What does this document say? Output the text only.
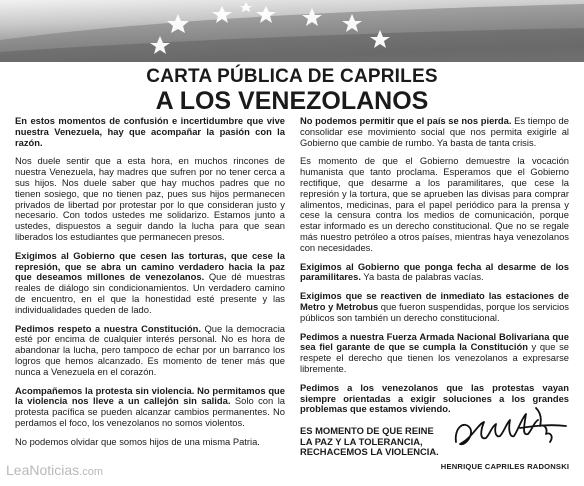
CARTA PÚBLICA DE CAPRILES
A LOS VENEZOLANOS

En estos momentos de confusión e incertidumbre que vive nuestra Venezuela, hay que acompañar la pasión con la razón.

Nos duele sentir que a esta hora, en muchos rincones de nuestra Venezuela, hay madres que sufren por no tener cerca a sus hijos. Nos duele saber que hay muchos padres que no tienen sosiego, que no tienen paz, pues sus hijos permanecen privados de libertad por protestar por lo que consideran justo y necesario. Con todos ustedes me solidarizo. Estamos junto a ustedes, dispuestos a seguir dando la lucha para que sean liberados los estudiantes que permanecen presos.

Exigimos al Gobierno que cesen las torturas, que cese la represión, que se abra un camino verdadero hacia la paz que deseamos millones de venezolanos. Que dé muestras reales de diálogo sin condicionamientos. Un verdadero camino de encuentro, en el que la honestidad esté presente y las individualidades queden de lado.

Pedimos respeto a nuestra Constitución. Que la democracia esté por encima de cualquier interés personal. No es hora de abandonar la lucha, pero tampoco de echar por un barranco los logros que hemos alcanzado. Es momento de tener más que nunca a Venezuela en el corazón.

Acompañemos la protesta sin violencia. No permitamos que la violencia nos lleve a un callejón sin salida. Solo con la protesta pacífica se pueden alcanzar cambios permanentes. No perdamos el foco, los venezolanos no somos violentos.

No podemos olvidar que somos hijos de una misma Patria.

No podemos permitir que el país se nos pierda. Es tiempo de consolidar ese movimiento social que nos permita exigirle al Gobierno que cambie de rumbo. Ya basta de tanta crisis.

Es momento de que el Gobierno demuestre la vocación humanista que tanto proclama. Esperamos que el Gobierno rectifique, que desarme a los paramilitares, que cese la represión y la tortura, que se aprueben las divisas para comprar alimentos, medicinas, para el papel periódico para la prensa y cese la censura contra los medios de comunicación, porque estar informado es un derecho constitucional. Que no se regale más nuestro petróleo a otros países, mientras haya venezolanos con necesidades.

Exigimos al Gobierno que ponga fecha al desarme de los paramilitares. Ya basta de palabras vacías.

Exigimos que se reactiven de inmediato las estaciones de Metro y Metrobus que fueron suspendidas, porque los servicios públicos son también un derecho constitucional.

Pedimos a nuestra Fuerza Armada Nacional Bolivariana que sea fiel garante de que se cumpla la Constitución y que se respete el derecho que tienen los venezolanos a expresarse libremente.

Pedimos a los venezolanos que las protestas vayan siempre orientadas a exigir soluciones a los grandes problemas que estamos viviendo.

ES MOMENTO DE QUE REINE
LA PAZ Y LA TOLERANCIA,
RECHACEMOS LA VIOLENCIA.
HENRIQUE CAPRILES RADONSKI
LeaNoticias.com
